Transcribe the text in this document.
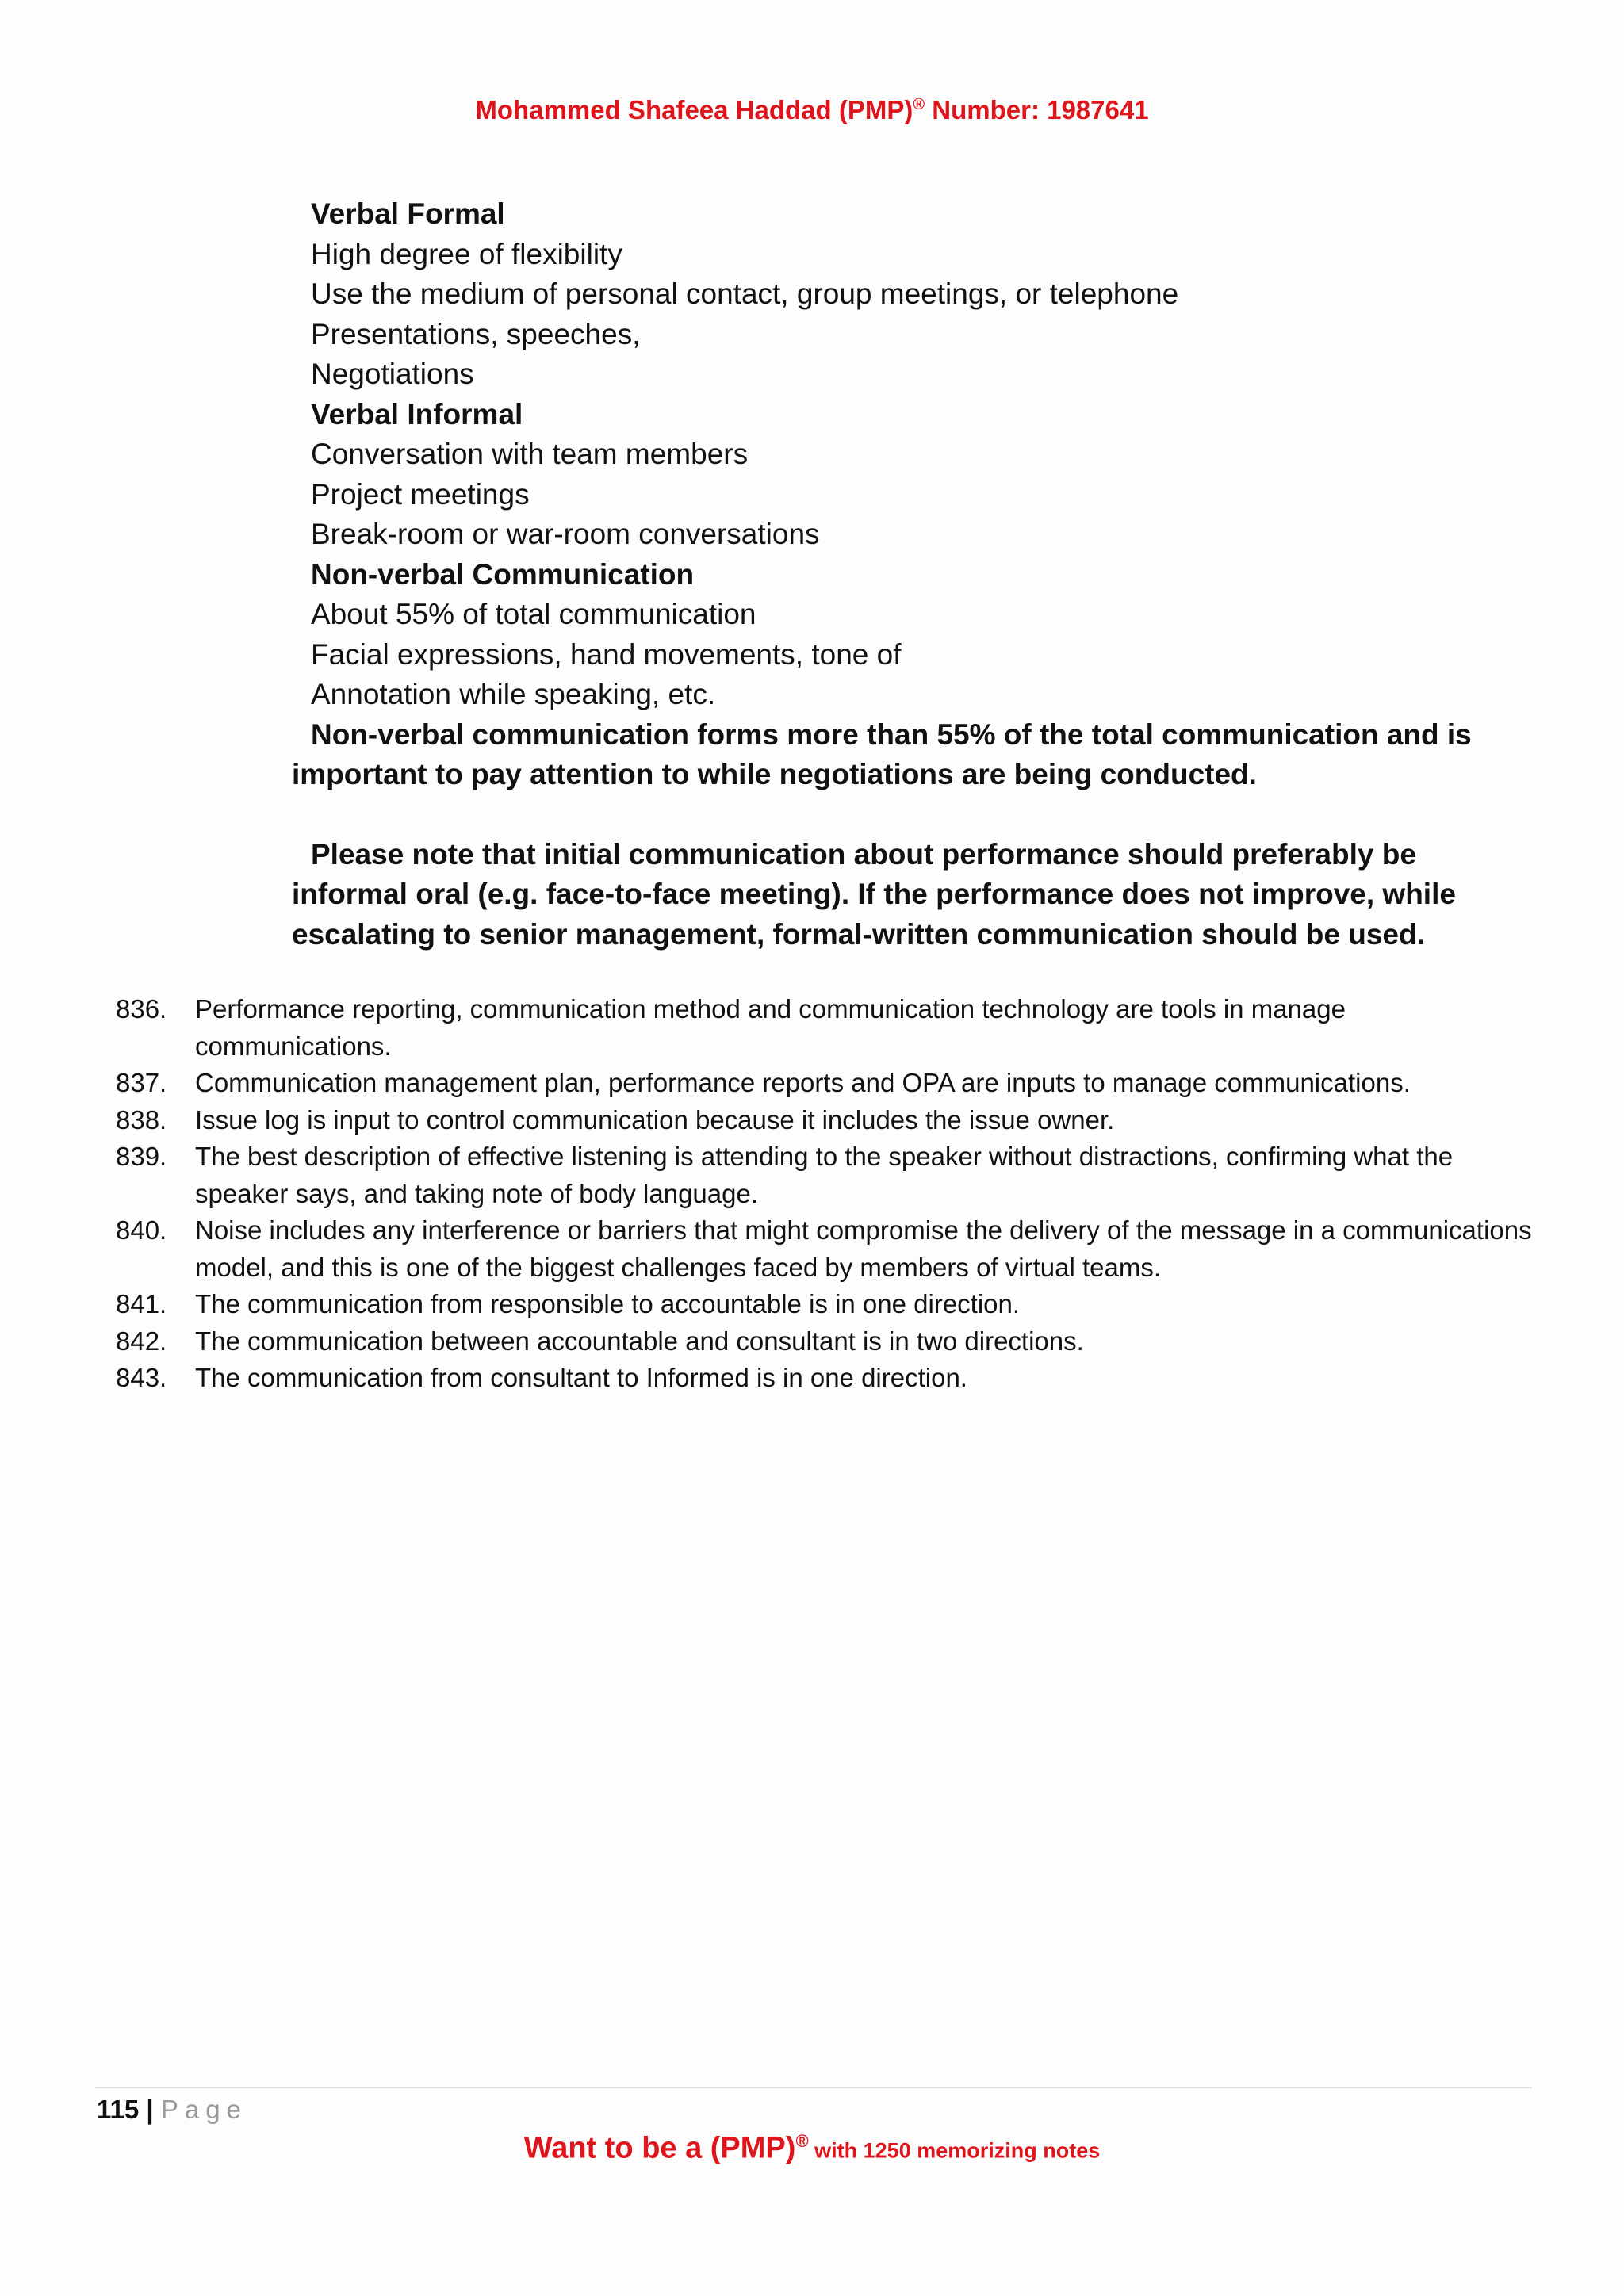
Mohammed Shafeea Haddad (PMP)® Number: 1987641
Verbal Formal
High degree of flexibility
Use the medium of personal contact, group meetings, or telephone
Presentations, speeches,
Negotiations
Verbal Informal
Conversation with team members
Project meetings
Break-room or war-room conversations
Non-verbal Communication
About 55% of total communication
Facial expressions, hand movements, tone of
Annotation while speaking, etc.
Non-verbal communication forms more than 55% of the total communication and is important to pay attention to while negotiations are being conducted.
Please note that initial communication about performance should preferably be informal oral (e.g. face-to-face meeting). If the performance does not improve, while escalating to senior management, formal-written communication should be used.
836.	Performance reporting, communication method and communication technology are tools in manage communications.
837.	Communication management plan, performance reports and OPA are inputs to manage communications.
838.	Issue log is input to control communication because it includes the issue owner.
839.	The best description of effective listening is attending to the speaker without distractions, confirming what the speaker says, and taking note of body language.
840.	Noise includes any interference or barriers that might compromise the delivery of the message in a communications model, and this is one of the biggest challenges faced by members of virtual teams.
841.	The communication from responsible to accountable is in one direction.
842.	The communication between accountable and consultant is in two directions.
843.	The communication from consultant to Informed is in one direction.
115 | Page
Want to be a (PMP)® with 1250 memorizing notes
